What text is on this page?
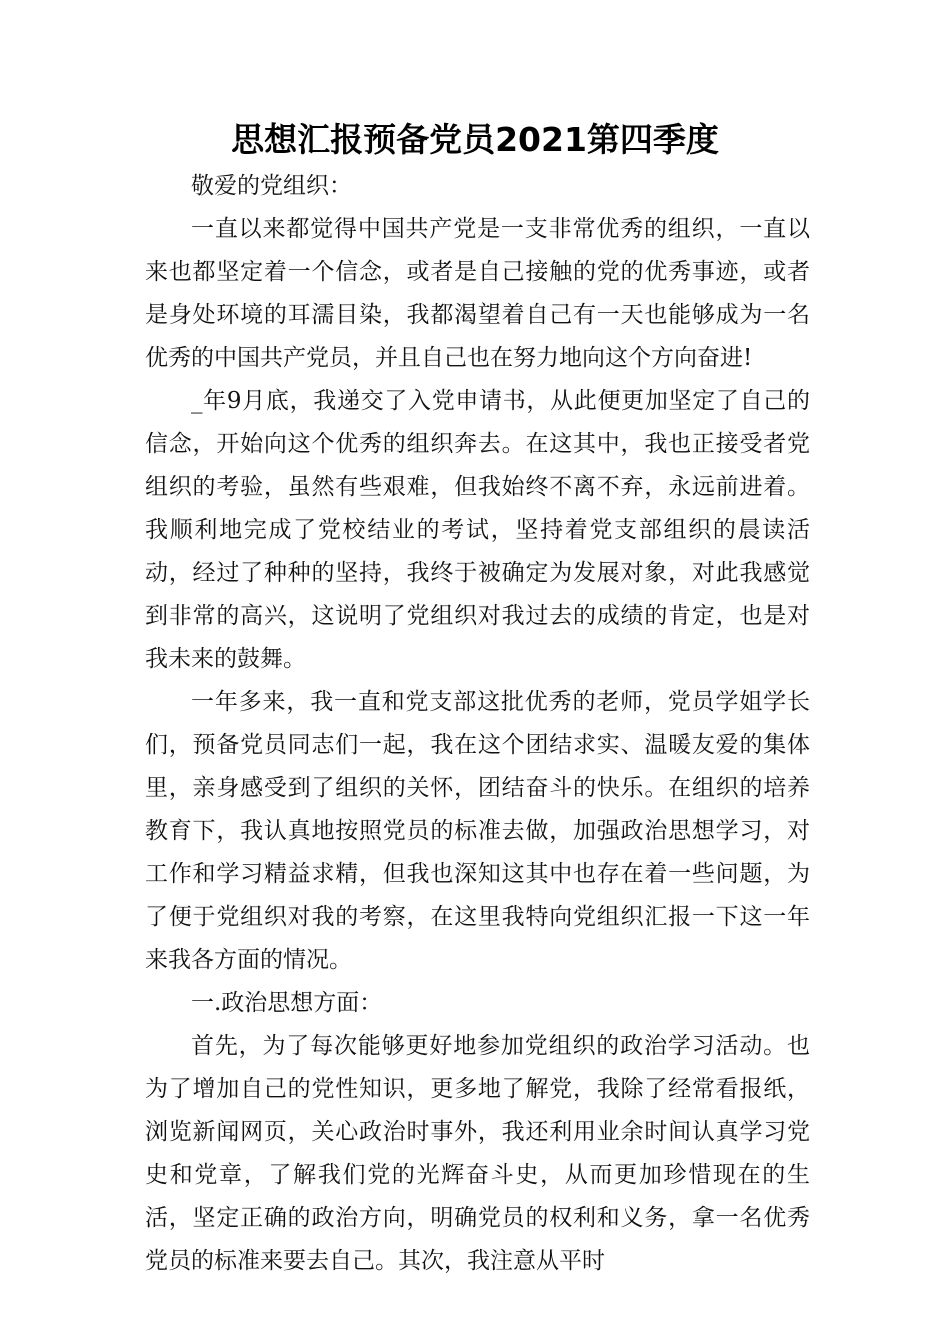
思想汇报预备党员2021第四季度

敬爱的党组织：

一直以来都觉得中国共产党是一支非常优秀的组织，一直以来也都坚定着一个信念，或者是自己接触的党的优秀事迹，或者是身处环境的耳濡目染，我都渴望着自己有一天也能够成为一名优秀的中国共产党员，并且自己也在努力地向这个方向奋进!

_年9月底，我递交了入党申请书，从此便更加坚定了自己的信念，开始向这个优秀的组织奔去。在这其中，我也正接受者党组织的考验，虽然有些艰难，但我始终不离不弃，永远前进着。我顺利地完成了党校结业的考试，坚持着党支部组织的晨读活动，经过了种种的坚持，我终于被确定为发展对象，对此我感觉到非常的高兴，这说明了党组织对我过去的成绩的肯定，也是对我未来的鼓舞。

一年多来，我一直和党支部这批优秀的老师，党员学姐学长们，预备党员同志们一起，我在这个团结求实、温暖友爱的集体里，亲身感受到了组织的关怀，团结奋斗的快乐。在组织的培养教育下，我认真地按照党员的标准去做，加强政治思想学习，对工作和学习精益求精，但我也深知这其中也存在着一些问题，为了便于党组织对我的考察，在这里我特向党组织汇报一下这一年来我各方面的情况。

一.政治思想方面：

首先，为了每次能够更好地参加党组织的政治学习活动。也为了增加自己的党性知识，更多地了解党，我除了经常看报纸，浏览新闻网页，关心政治时事外，我还利用业余时间认真学习党史和党章，了解我们党的光辉奋斗史，从而更加珍惜现在的生活，坚定正确的政治方向，明确党员的权利和义务，拿一名优秀党员的标准来要去自己。其次，我注意从平时
